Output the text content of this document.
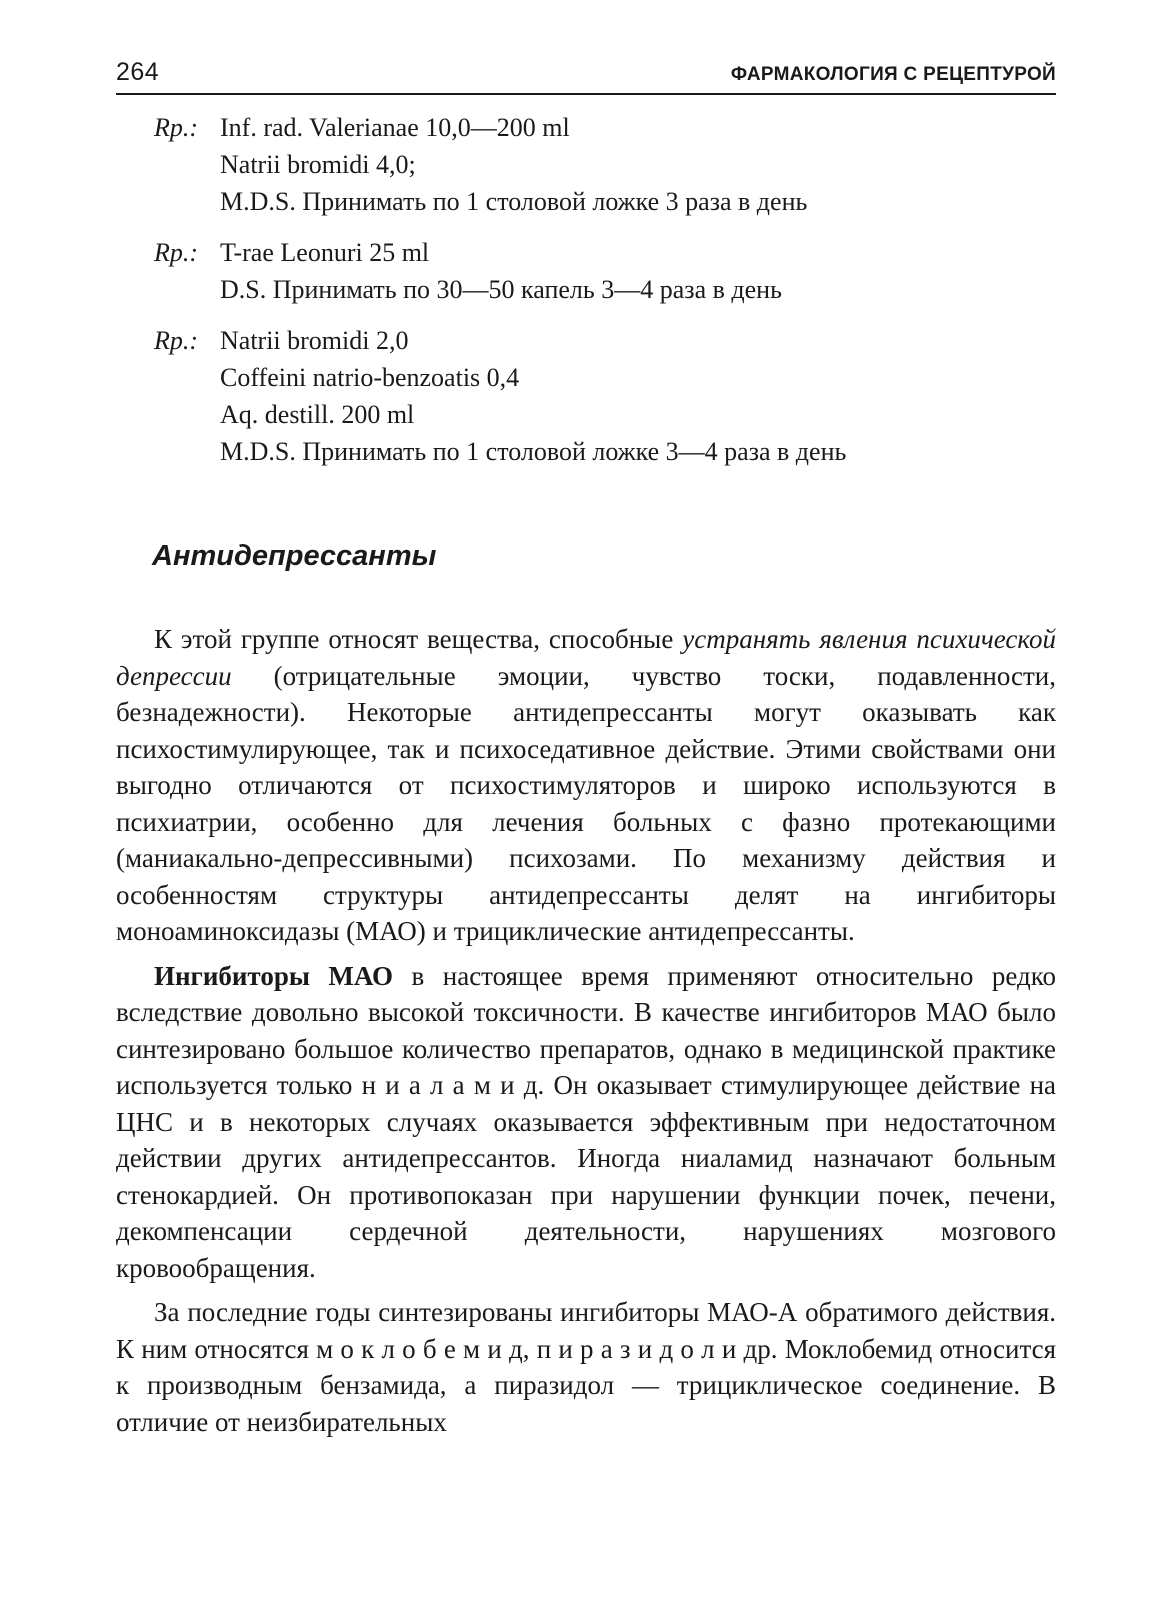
264	ФАРМАКОЛОГИЯ С РЕЦЕПТУРОЙ
Rp.: Inf. rad. Valerianae 10,0—200 ml
Natrii bromidi 4,0;
M.D.S. Принимать по 1 столовой ложке 3 раза в день
Rp.: T-rae Leonuri 25 ml
D.S. Принимать по 30—50 капель 3—4 раза в день
Rp.: Natrii bromidi 2,0
Coffeini natrio-benzoatis 0,4
Aq. destill. 200 ml
M.D.S. Принимать по 1 столовой ложке 3—4 раза в день
Антидепрессанты

К этой группе относят вещества, способные устранять явления психической депрессии (отрицательные эмоции, чувство тоски, подавленности, безнадежности). Некоторые антидепрессанты могут оказывать как психостимулирующее, так и психоседативное действие. Этими свойствами они выгодно отличаются от психостимуляторов и широко используются в психиатрии, особенно для лечения больных с фазно протекающими (маниакально-депрессивными) психозами. По механизму действия и особенностям структуры антидепрессанты делят на ингибиторы моноаминоксидазы (МАО) и трициклические антидепрессанты.

Ингибиторы МАО в настоящее время применяют относительно редко вследствие довольно высокой токсичности. В качестве ингибиторов МАО было синтезировано большое количество препаратов, однако в медицинской практике используется только н и а л а м и д. Он оказывает стимулирующее действие на ЦНС и в некоторых случаях оказывается эффективным при недостаточном действии других антидепрессантов. Иногда ниаламид назначают больным стенокардией. Он противопоказан при нарушении функции почек, печени, декомпенсации сердечной деятельности, нарушениях мозгового кровообращения.

За последние годы синтезированы ингибиторы МАО-А обратимого действия. К ним относятся м о к л о б е м и д, п и р а з и д о л и др. Моклобемид относится к производным бензамида, а пиразидол — трициклическое соединение. В отличие от неизбирательных
